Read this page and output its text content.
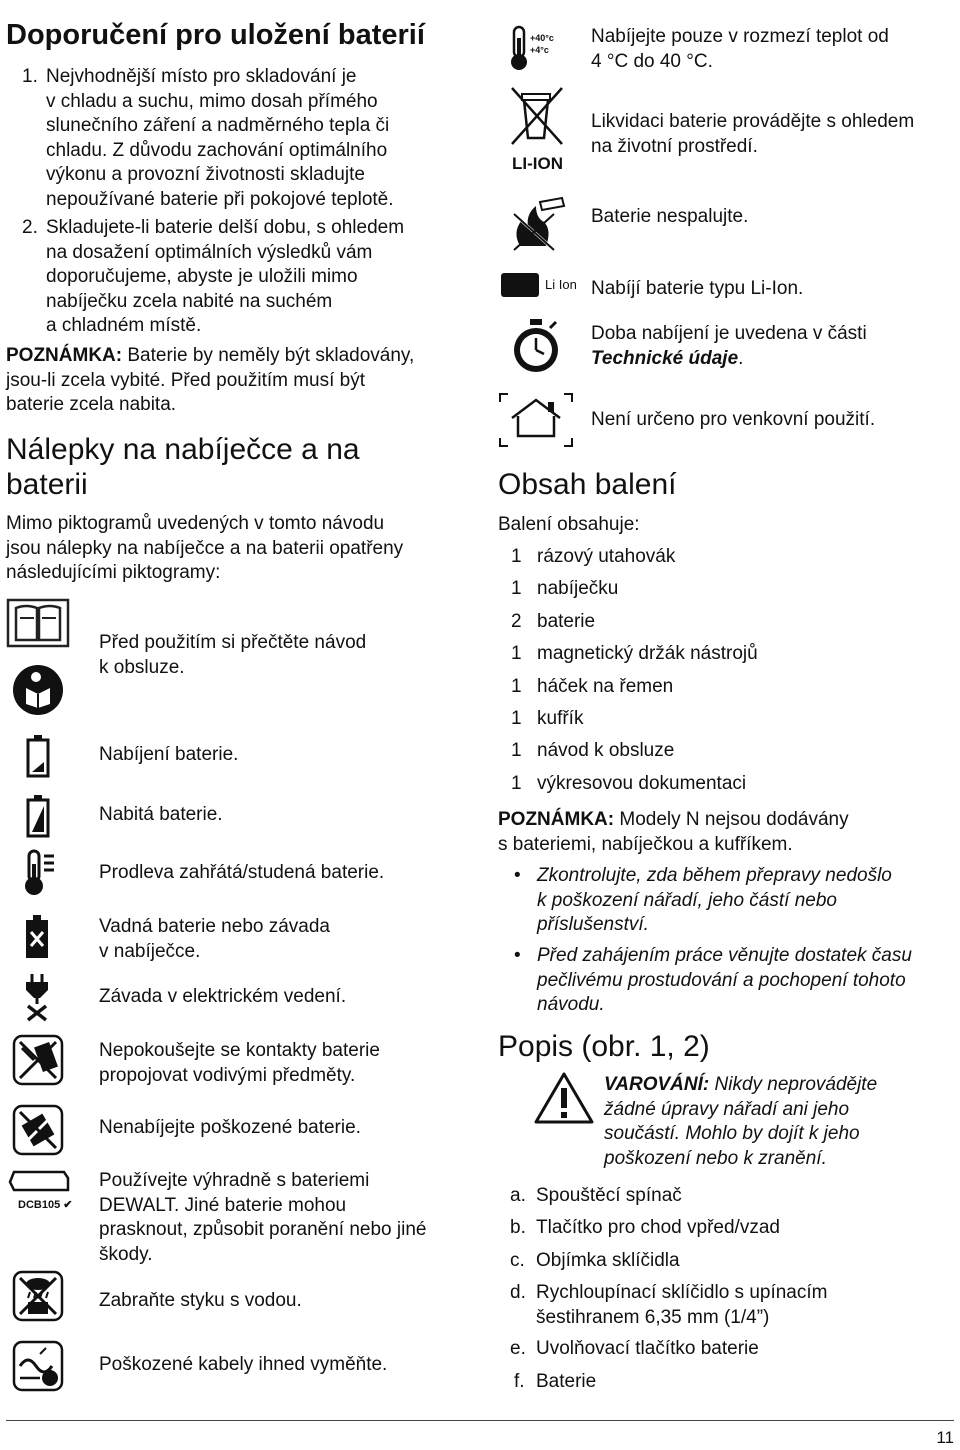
Doporučení pro uložení baterií
1. Nejvhodnější místo pro skladování je
v chladu a suchu, mimo dosah přímého
slunečního záření a nadměrného tepla či
chladu. Z důvodu zachování optimálního
výkonu a provozní životnosti skladujte
nepoužívané baterie při pokojové teplotě.
2. Skladujete-li baterie delší dobu, s ohledem
na dosažení optimálních výsledků vám
doporučujeme, abyste je uložili mimo
nabíječku zcela nabité na suchém
a chladném místě.
POZNÁMKA: Baterie by neměly být skladovány,
jsou-li zcela vybité. Před použitím musí být
baterie zcela nabita.
Nálepky na nabíječce a na
baterii
Mimo piktogramů uvedených v tomto návodu
jsou nálepky na nabíječce a na baterii opatřeny
následujícími piktogramy:
DCB105 ✔
Před použitím si přečtěte návod
k obsluze.
Nabíjení baterie.
Nabitá baterie.
Prodleva zahřátá/studená baterie.
Vadná baterie nebo závada
v nabíječce.
Závada v elektrickém vedení.
Nepokoušejte se kontakty baterie
propojovat vodivými předměty.
Nenabíjejte poškozené baterie.
Používejte výhradně s bateriemi
DEWALT. Jiné baterie mohou
prasknout, způsobit poranění nebo jiné
škody.
Zabraňte styku s vodou.
Poškozené kabely ihned vyměňte.
+40°c
+4°c
LI-ION
Li Ion
Nabíjejte pouze v rozmezí teplot od
4 °C do 40 °C.
Likvidaci baterie provádějte s ohledem
na životní prostředí.
Baterie nespalujte.
Nabíjí baterie typu Li-Ion.
Doba nabíjení je uvedena v části
Technické údaje.
Není určeno pro venkovní použití.
Obsah balení
Balení obsahuje:
1 rázový utahovák
1 nabíječku
2 baterie
1 magnetický držák nástrojů
1 háček na řemen
1 kufřík
1 návod k obsluze
1 výkresovou dokumentaci
POZNÁMKA: Modely N nejsou dodávány
s bateriemi, nabíječkou a kufříkem.
• Zkontrolujte, zda během přepravy nedošlo
k poškození nářadí, jeho částí nebo
příslušenství.
• Před zahájením práce věnujte dostatek času
pečlivému prostudování a pochopení tohoto
návodu.
Popis (obr. 1, 2)
VAROVÁNÍ: Nikdy neprovádějte
žádné úpravy nářadí ani jeho
součástí. Mohlo by dojít k jeho
poškození nebo k zranění.
a. Spouštěcí spínač
b. Tlačítko pro chod vpřed/vzad
c. Objímka sklíčidla
d. Rychloupínací sklíčidlo s upínacím
šestihranem 6,35 mm (1/4”)
e. Uvolňovací tlačítko baterie
f. Baterie
11
